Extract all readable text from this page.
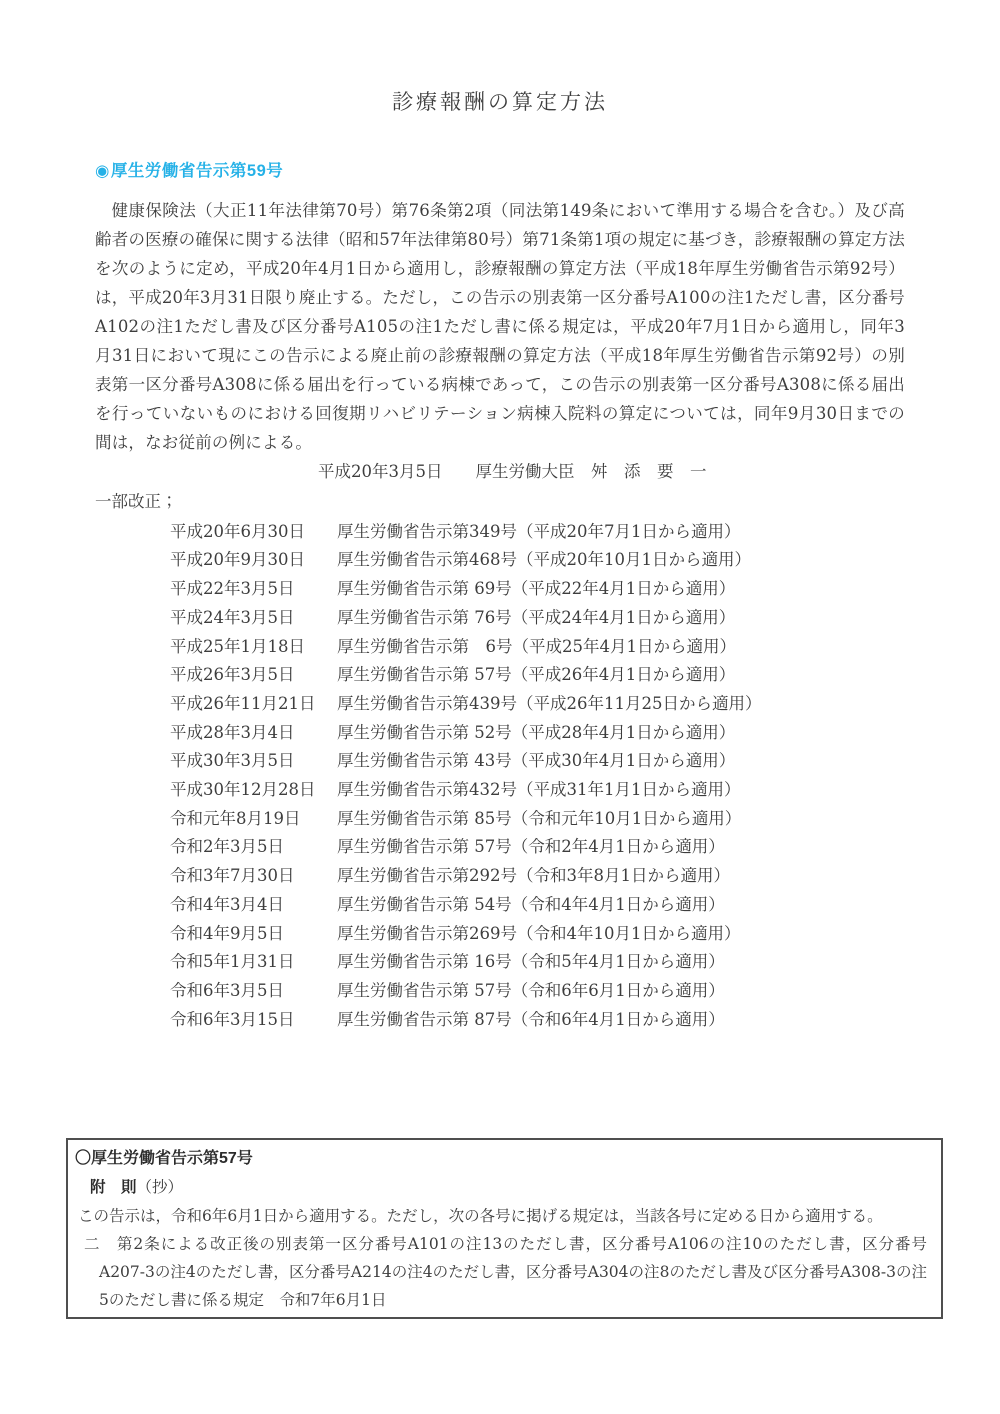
診療報酬の算定方法
◉厚生労働省告示第59号

健康保険法（大正11年法律第70号）第76条第2項（同法第149条において準用する場合を含む。）及び高齢者の医療の確保に関する法律（昭和57年法律第80号）第71条第1項の規定に基づき，診療報酬の算定方法を次のように定め，平成20年4月1日から適用し，診療報酬の算定方法（平成18年厚生労働省告示第92号）は，平成20年3月31日限り廃止する。ただし，この告示の別表第一区分番号A100の注1ただし書，区分番号A102の注1ただし書及び区分番号A105の注1ただし書に係る規定は，平成20年7月1日から適用し，同年3月31日において現にこの告示による廃止前の診療報酬の算定方法（平成18年厚生労働省告示第92号）の別表第一区分番号A308に係る届出を行っている病棟であって，この告示の別表第一区分番号A308に係る届出を行っていないものにおける回復期リハビリテーション病棟入院料の算定については，同年9月30日までの間は，なお従前の例による。

平成20年3月5日　　厚生労働大臣　舛　添　要　一

一部改正；

平成20年6月30日	厚生労働省告示第349号 （平成20年7月1日から適用）
平成20年9月30日	厚生労働省告示第468号 （平成20年10月1日から適用）
平成22年3月5日	厚生労働省告示第 69号 （平成22年4月1日から適用）
平成24年3月5日	厚生労働省告示第 76号 （平成24年4月1日から適用）
平成25年1月18日	厚生労働省告示第　6号 （平成25年4月1日から適用）
平成26年3月5日	厚生労働省告示第 57号 （平成26年4月1日から適用）
平成26年11月21日	厚生労働省告示第439号 （平成26年11月25日から適用）
平成28年3月4日	厚生労働省告示第 52号 （平成28年4月1日から適用）
平成30年3月5日	厚生労働省告示第 43号 （平成30年4月1日から適用）
平成30年12月28日	厚生労働省告示第432号 （平成31年1月1日から適用）
令和元年8月19日	厚生労働省告示第 85号 （令和元年10月1日から適用）
令和2年3月5日	厚生労働省告示第 57号 （令和2年4月1日から適用）
令和3年7月30日	厚生労働省告示第292号 （令和3年8月1日から適用）
令和4年3月4日	厚生労働省告示第 54号 （令和4年4月1日から適用）
令和4年9月5日	厚生労働省告示第269号 （令和4年10月1日から適用）
令和5年1月31日	厚生労働省告示第 16号 （令和5年4月1日から適用）
令和6年3月5日	厚生労働省告示第 57号 （令和6年6月1日から適用）
令和6年3月15日	厚生労働省告示第 87号 （令和6年4月1日から適用）

〇厚生労働省告示第57号

附　則（抄）

この告示は，令和6年6月1日から適用する。ただし，次の各号に掲げる規定は，当該各号に定める日から適用する。

二　第2条による改正後の別表第一区分番号A101の注13のただし書，区分番号A106の注10のただし書，区分番号A207-3の注4のただし書，区分番号A214の注4のただし書，区分番号A304の注8のただし書及び区分番号A308-3の注5のただし書に係る規定　令和7年6月1日
